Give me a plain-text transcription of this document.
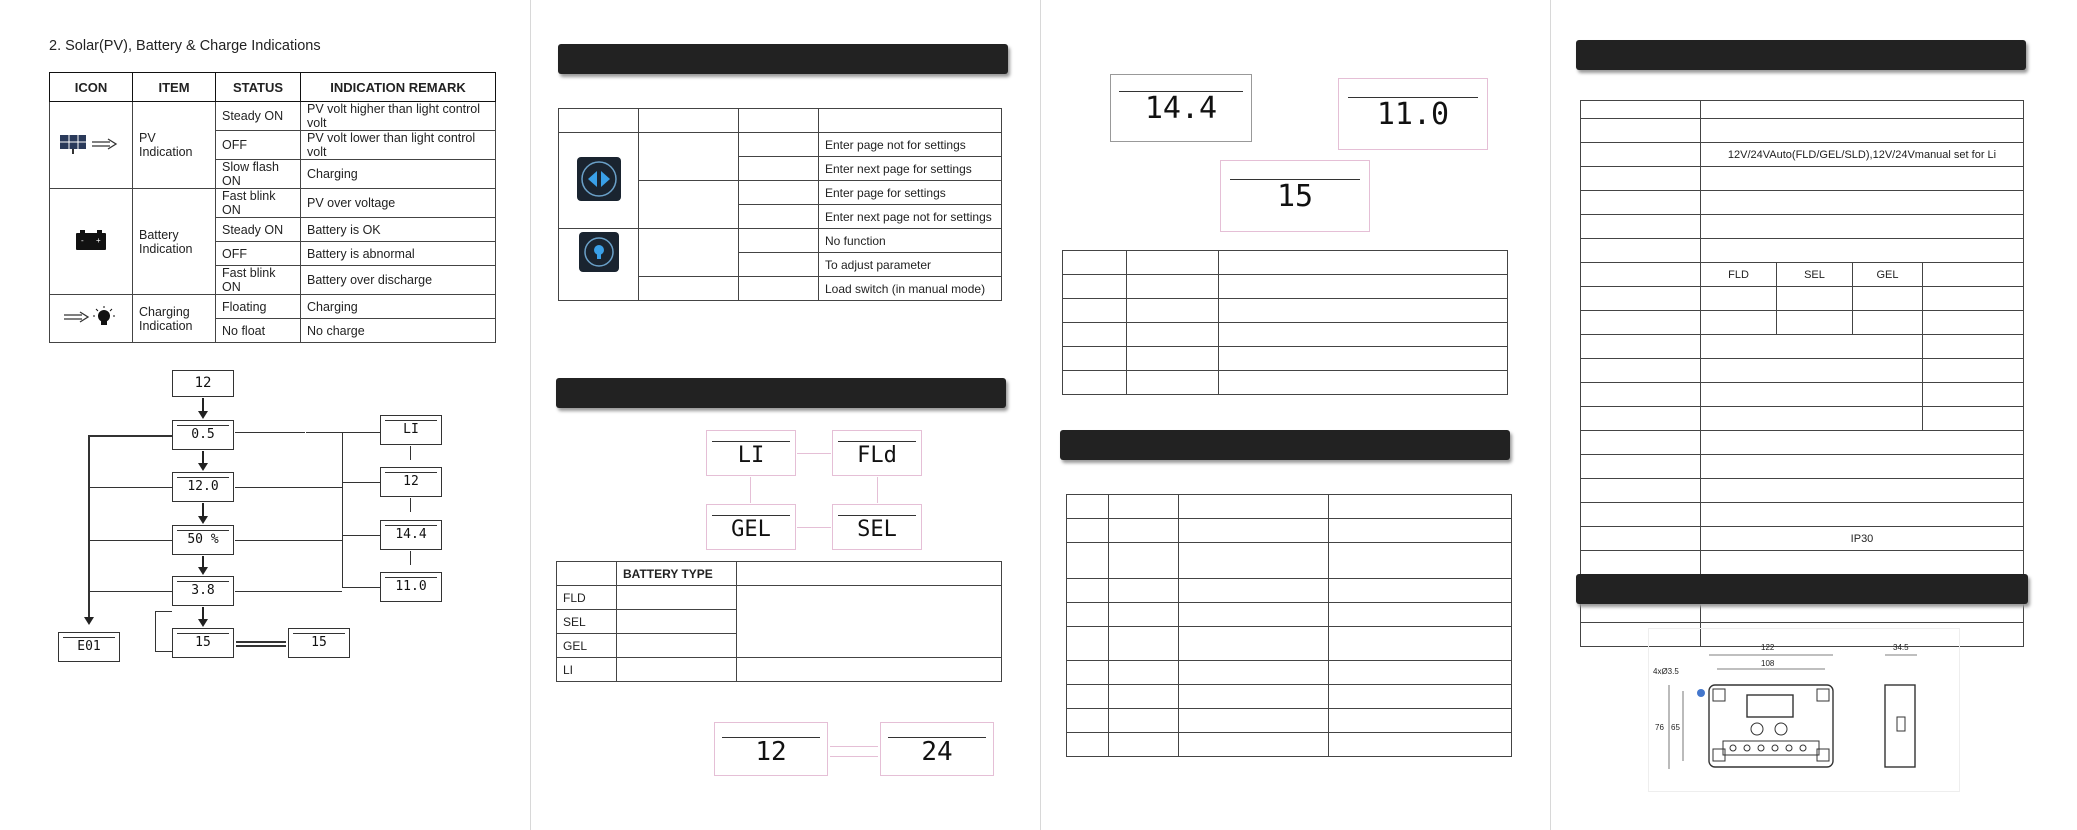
2. Solar(PV), Battery & Charge Indications
ICON	ITEM	STATUS	INDICATION REMARK
	PV Indication	Steady ON	PV volt higher than light control volt
		OFF	PV volt lower than light control volt
		Slow flash ON	Charging

- +	Battery Indication	Fast blink ON	PV over voltage
		Steady ON	Battery is OK
		OFF	Battery is abnormal
		Fast blink ON	Battery over discharge
	Charging Indication	Floating	Charging
		No float	No charge
12
0.5
12.0
50 %
3.8
15
LI
12
14.4
11.0
E01	15

			Enter page not for settings
			Enter next page for settings
			Enter page for settings
			Enter next page not for settings
			No function
			To adjust parameter
			Load switch (in manual mode)
LI	FLd
GEL	SEL
	BATTERY TYPE	
FLD		
SEL		
GEL		
LI		
12	24
14.4	11.0
15

	12V/24VAuto(FLD/GEL/SLD),12V/24Vmanual set for Li			

	FLD	SEL	GEL	

	IP30			

122
108
4xØ3.5
76 65
34.5
